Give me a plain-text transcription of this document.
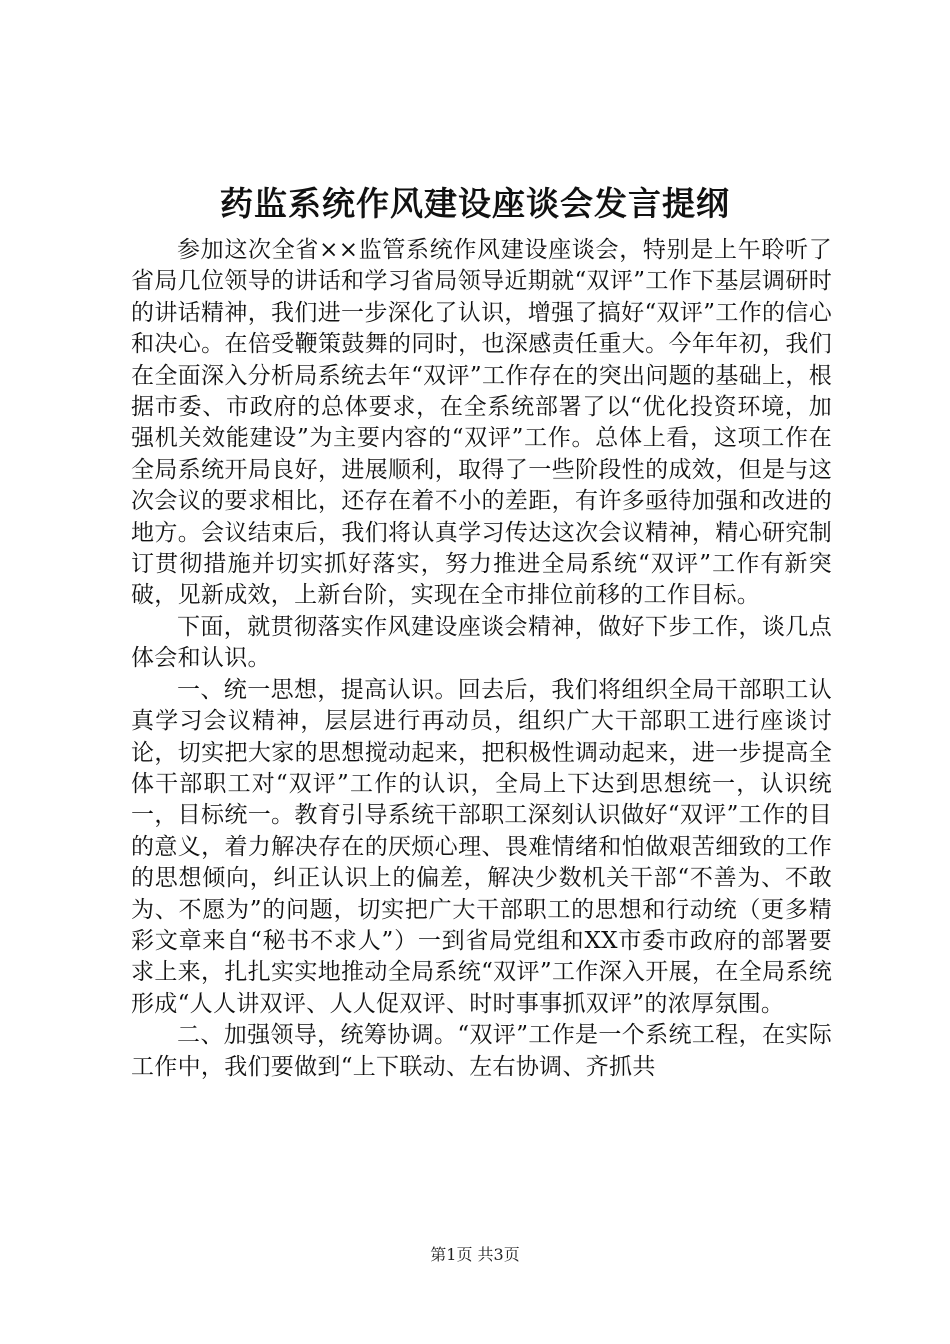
药监系统作风建设座谈会发言提纲

参加这次全省××监管系统作风建设座谈会，特别是上午聆听了省局几位领导的讲话和学习省局领导近期就“双评”工作下基层调研时的讲话精神，我们进一步深化了认识，增强了搞好“双评”工作的信心和决心。在倍受鞭策鼓舞的同时，也深感责任重大。今年年初，我们在全面深入分析局系统去年“双评”工作存在的突出问题的基础上，根据市委、市政府的总体要求，在全系统部署了以“优化投资环境，加强机关效能建设”为主要内容的“双评”工作。总体上看，这项工作在全局系统开局良好，进展顺利，取得了一些阶段性的成效，但是与这次会议的要求相比，还存在着不小的差距，有许多亟待加强和改进的地方。会议结束后，我们将认真学习传达这次会议精神，精心研究制订贯彻措施并切实抓好落实，努力推进全局系统“双评”工作有新突破，见新成效，上新台阶，实现在全市排位前移的工作目标。

下面，就贯彻落实作风建设座谈会精神，做好下步工作，谈几点体会和认识。

一、统一思想，提高认识。回去后，我们将组织全局干部职工认真学习会议精神，层层进行再动员，组织广大干部职工进行座谈讨论，切实把大家的思想搅动起来，把积极性调动起来，进一步提高全体干部职工对“双评”工作的认识，全局上下达到思想统一，认识统一，目标统一。教育引导系统干部职工深刻认识做好“双评”工作的目的意义，着力解决存在的厌烦心理、畏难情绪和怕做艰苦细致的工作的思想倾向，纠正认识上的偏差，解决少数机关干部“不善为、不敢为、不愿为”的问题，切实把广大干部职工的思想和行动统（更多精彩文章来自“秘书不求人”）一到省局党组和XX市委市政府的部署要求上来，扎扎实实地推动全局系统“双评”工作深入开展，在全局系统形成“人人讲双评、人人促双评、时时事事抓双评”的浓厚氛围。

二、加强领导，统筹协调。“双评”工作是一个系统工程，在实际工作中，我们要做到“上下联动、左右协调、齐抓共

第1页 共3页
